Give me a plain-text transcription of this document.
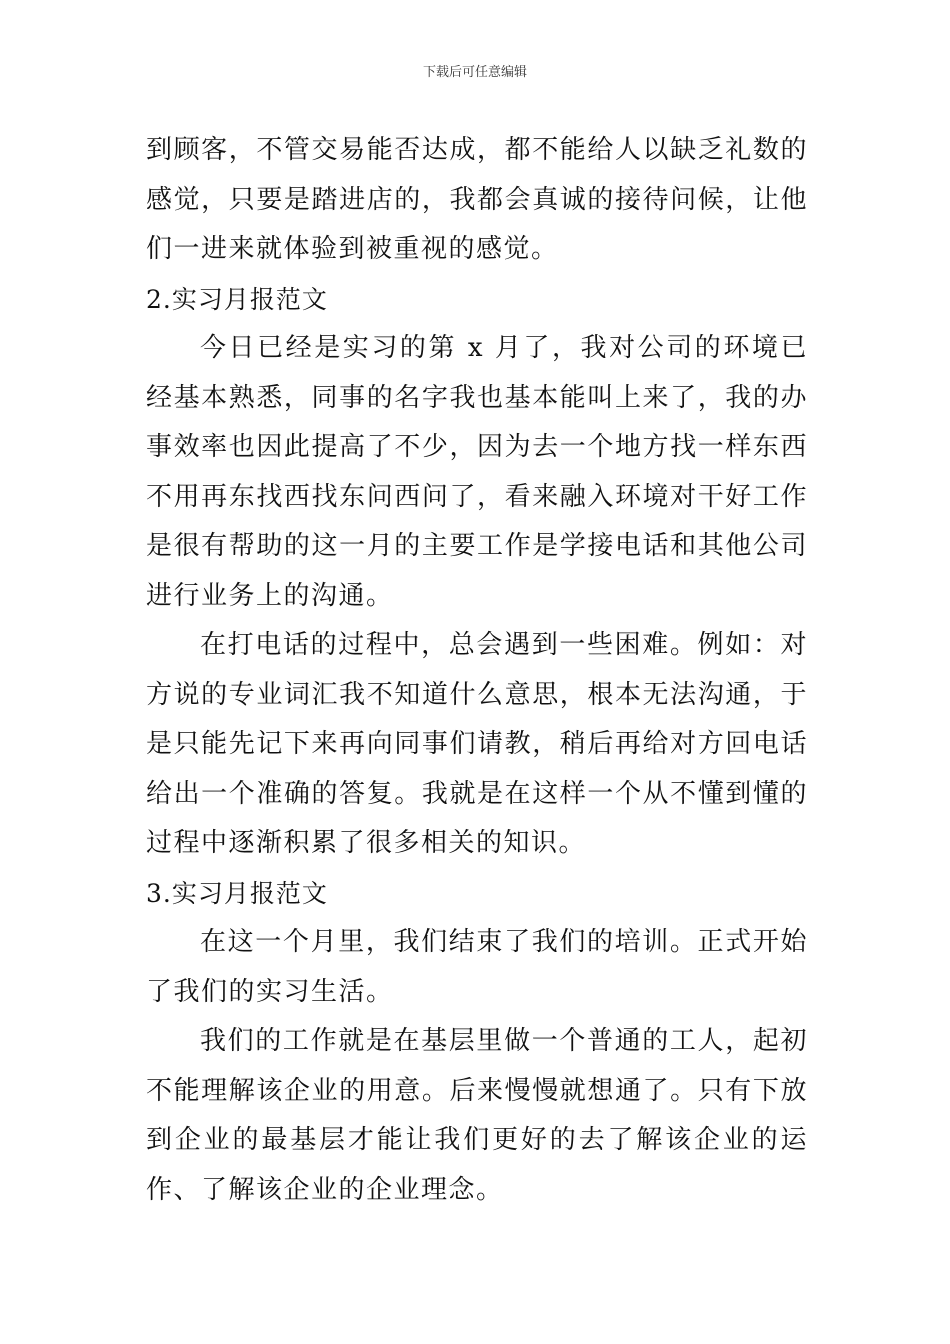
下载后可任意编辑

到顾客，不管交易能否达成，都不能给人以缺乏礼数的感觉，只要是踏进店的，我都会真诚的接待问候，让他们一进来就体验到被重视的感觉。

2.实习月报范文

今日已经是实习的第 x 月了，我对公司的环境已经基本熟悉，同事的名字我也基本能叫上来了，我的办事效率也因此提高了不少，因为去一个地方找一样东西不用再东找西找东问西问了，看来融入环境对干好工作是很有帮助的这一月的主要工作是学接电话和其他公司进行业务上的沟通。

在打电话的过程中，总会遇到一些困难。例如：对方说的专业词汇我不知道什么意思，根本无法沟通，于是只能先记下来再向同事们请教，稍后再给对方回电话给出一个准确的答复。我就是在这样一个从不懂到懂的过程中逐渐积累了很多相关的知识。

3.实习月报范文

在这一个月里，我们结束了我们的培训。正式开始了我们的实习生活。

我们的工作就是在基层里做一个普通的工人，起初不能理解该企业的用意。后来慢慢就想通了。只有下放到企业的最基层才能让我们更好的去了解该企业的运作、了解该企业的企业理念。
